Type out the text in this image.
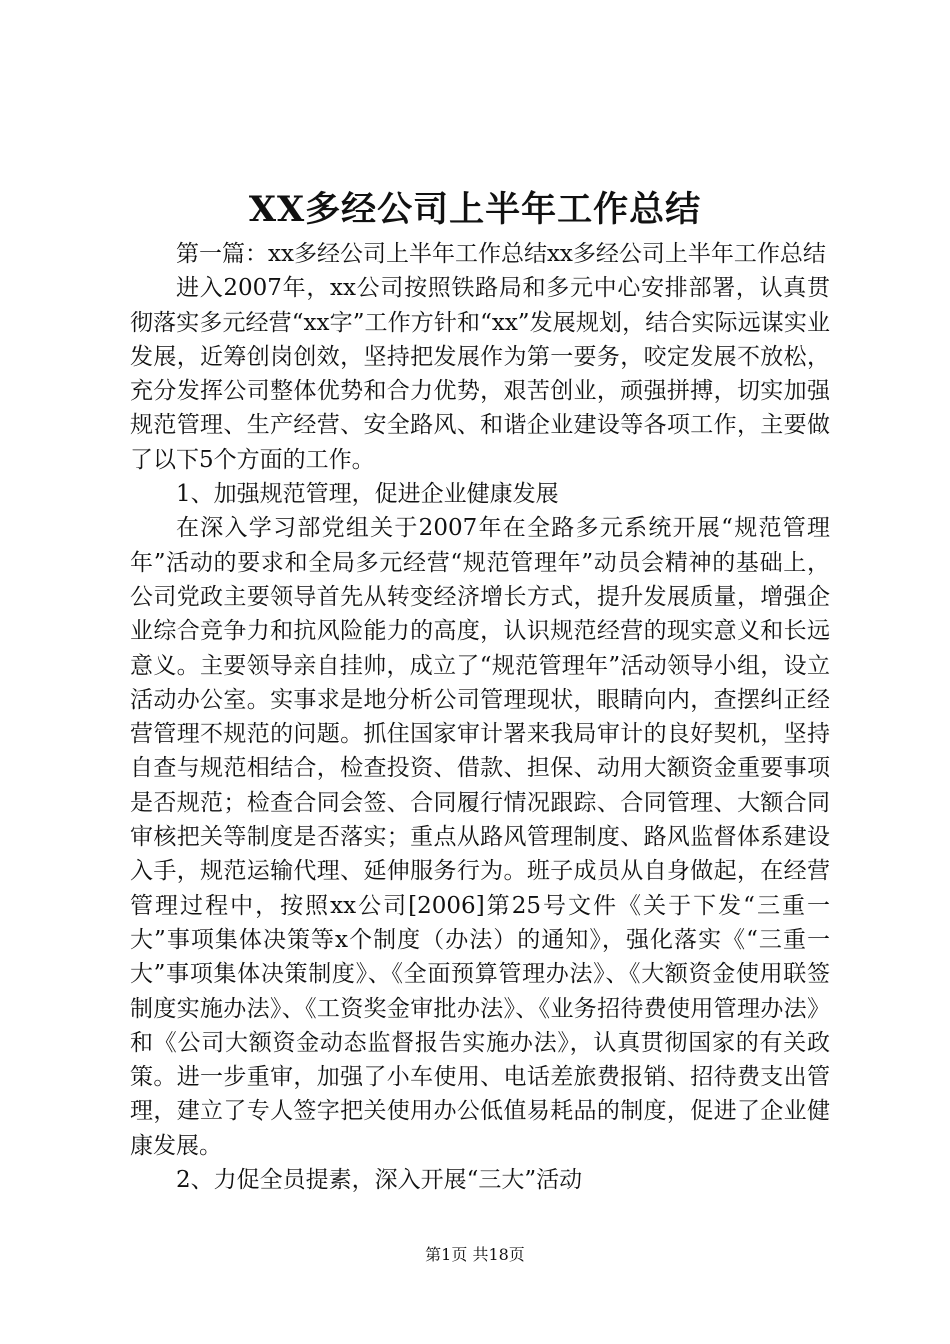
XX多经公司上半年工作总结

第一篇：xx多经公司上半年工作总结xx多经公司上半年工作总结

进入2007年，xx公司按照铁路局和多元中心安排部署，认真贯彻落实多元经营“xx字”工作方针和“xx”发展规划，结合实际远谋实业发展，近筹创岗创效，坚持把发展作为第一要务，咬定发展不放松，充分发挥公司整体优势和合力优势，艰苦创业，顽强拼搏，切实加强规范管理、生产经营、安全路风、和谐企业建设等各项工作，主要做了以下5个方面的工作。

1、加强规范管理，促进企业健康发展

在深入学习部党组关于2007年在全路多元系统开展“规范管理年”活动的要求和全局多元经营“规范管理年”动员会精神的基础上，公司党政主要领导首先从转变经济增长方式，提升发展质量，增强企业综合竞争力和抗风险能力的高度，认识规范经营的现实意义和长远意义。主要领导亲自挂帅，成立了“规范管理年”活动领导小组，设立活动办公室。实事求是地分析公司管理现状，眼睛向内，查摆纠正经营管理不规范的问题。抓住国家审计署来我局审计的良好契机，坚持自查与规范相结合，检查投资、借款、担保、动用大额资金重要事项是否规范；检查合同会签、合同履行情况跟踪、合同管理、大额合同审核把关等制度是否落实；重点从路风管理制度、路风监督体系建设入手，规范运输代理、延伸服务行为。班子成员从自身做起，在经营管理过程中，按照xx公司[2006]第25号文件《关于下发“三重一大”事项集体决策等x个制度（办法）的通知》，强化落实《“三重一大”事项集体决策制度》、《全面预算管理办法》、《大额资金使用联签制度实施办法》、《工资奖金审批办法》、《业务招待费使用管理办法》和《公司大额资金动态监督报告实施办法》，认真贯彻国家的有关政策。进一步重审，加强了小车使用、电话差旅费报销、招待费支出管理，建立了专人签字把关使用办公低值易耗品的制度，促进了企业健康发展。

2、力促全员提素，深入开展“三大”活动

第1页 共18页
